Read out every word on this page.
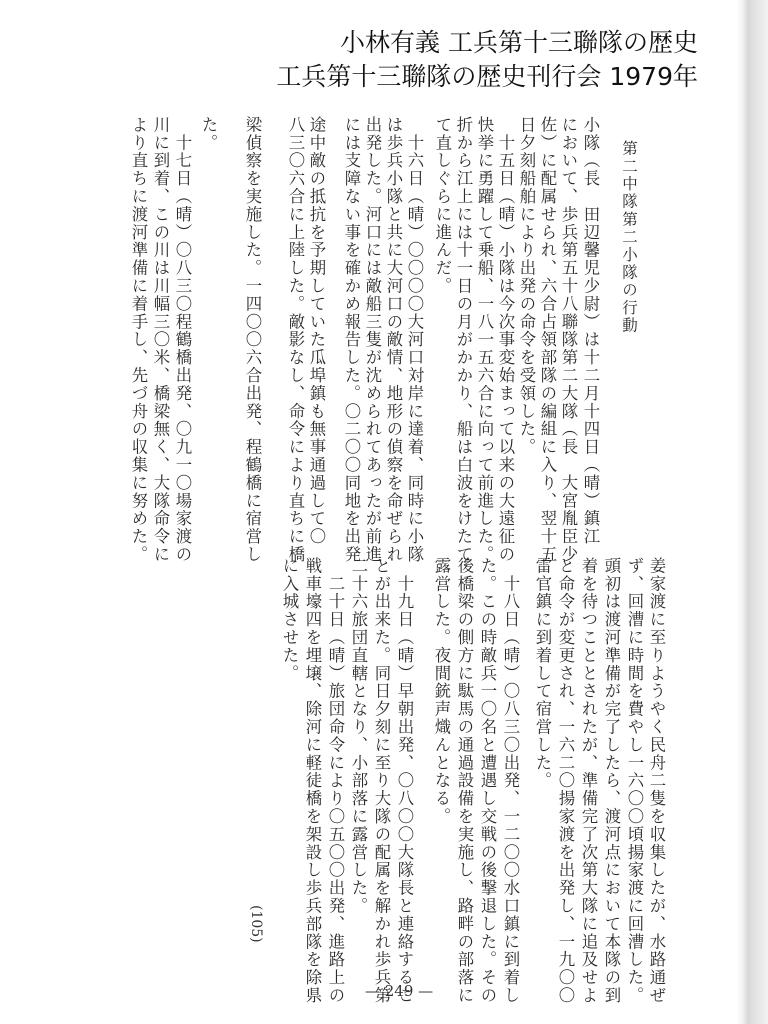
小林有義 工兵第十三聯隊の歴史
工兵第十三聯隊の歴史刊行会 1979年
第二中隊第二小隊の行動
小隊（長　田辺馨児少尉）は十二月十四日（晴）鎮江
において、歩兵第五十八聯隊第二大隊（長　大宮胤臣少
佐）に配属せられ、六合占領部隊の編組に入り、翌十五
日夕刻船舶により出発の命令を受領した。
　十五日（晴）小隊は今次事変始まって以来の大遠征の
快挙に勇躍して乗船、一八一五六合に向って前進した。
折から江上には十一日の月がかかり、船は白波をけたて
て直しぐらに進んだ。
　十六日（晴）〇〇〇〇大河口対岸に達着、同時に小隊
は歩兵小隊と共に大河口の敵情、地形の偵察を命ぜられ
出発した。河口には敵船三隻が沈められてあったが前進
には支障ない事を確かめ報告した。〇二〇〇同地を出発
途中敵の抵抗を予期していた瓜埠鎮も無事通過して〇
八三〇六合に上陸した。敵影なし、命令により直ちに橋
梁偵察を実施した。一四〇〇六合出発、程鶴橋に宿営し
た。
　十七日（晴）〇八三〇程鶴橋出発、〇九一〇場家渡の
川に到着、この川は川幅三〇米、橋梁無く、大隊命令に
より直ちに渡河準備に着手し、先づ舟の収集に努めた。
姜家渡に至りようやく民舟二隻を収集したが、水路通ぜ
ず、回漕に時間を費やし一六〇〇頃揚家渡に回漕した。
頭初は渡河準備が完了したら、渡河点において本隊の到
着を待つこととされたが、準備完了次第大隊に追及せよ
と命令が変更され、一六二〇揚家渡を出発し、一九〇〇
雷官鎮に到着して宿営した。
　十八日（晴）〇八三〇出発、一二〇〇水口鎮に到着し
た。この時敵兵一〇名と遭遇し交戦の後撃退した。その
後橋梁の側方に駄馬の通過設備を実施し、路畔の部落に
露営した。夜間銃声熾んとなる。
　十九日（晴）早朝出発、〇八〇〇大隊長と連絡するこ
とが出来た。同日夕刻に至り大隊の配属を解かれ歩兵第
二十六旅団直轄となり、小部落に露営した。
　二十日（晴）旅団命令により〇五〇〇出発、進路上の
戦車壕四を埋壌、除河に軽徒橋を架設し歩兵部隊を除県
に入城させた。
(105)
— 249 —
